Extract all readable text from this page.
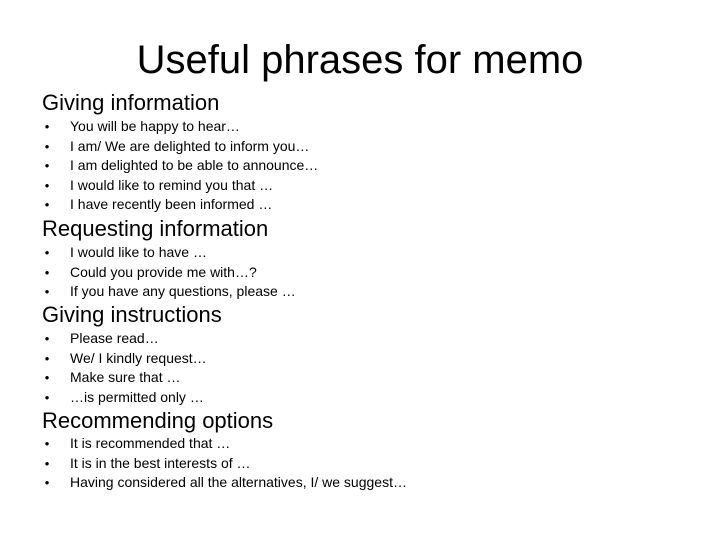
Useful phrases for memo
Giving information
• You will be happy to hear…
• I am/ We are delighted to inform you…
• I am delighted to be able to announce…
• I would like to remind you that …
• I have recently been informed …
Requesting information
• I would like to have …
• Could you provide me with…?
• If you have any questions, please …
Giving instructions
• Please read…
• We/ I kindly request…
• Make sure that …
• …is permitted only …
Recommending options
• It is recommended that …
• It is in the best interests of …
• Having considered all the alternatives, I/ we suggest…
